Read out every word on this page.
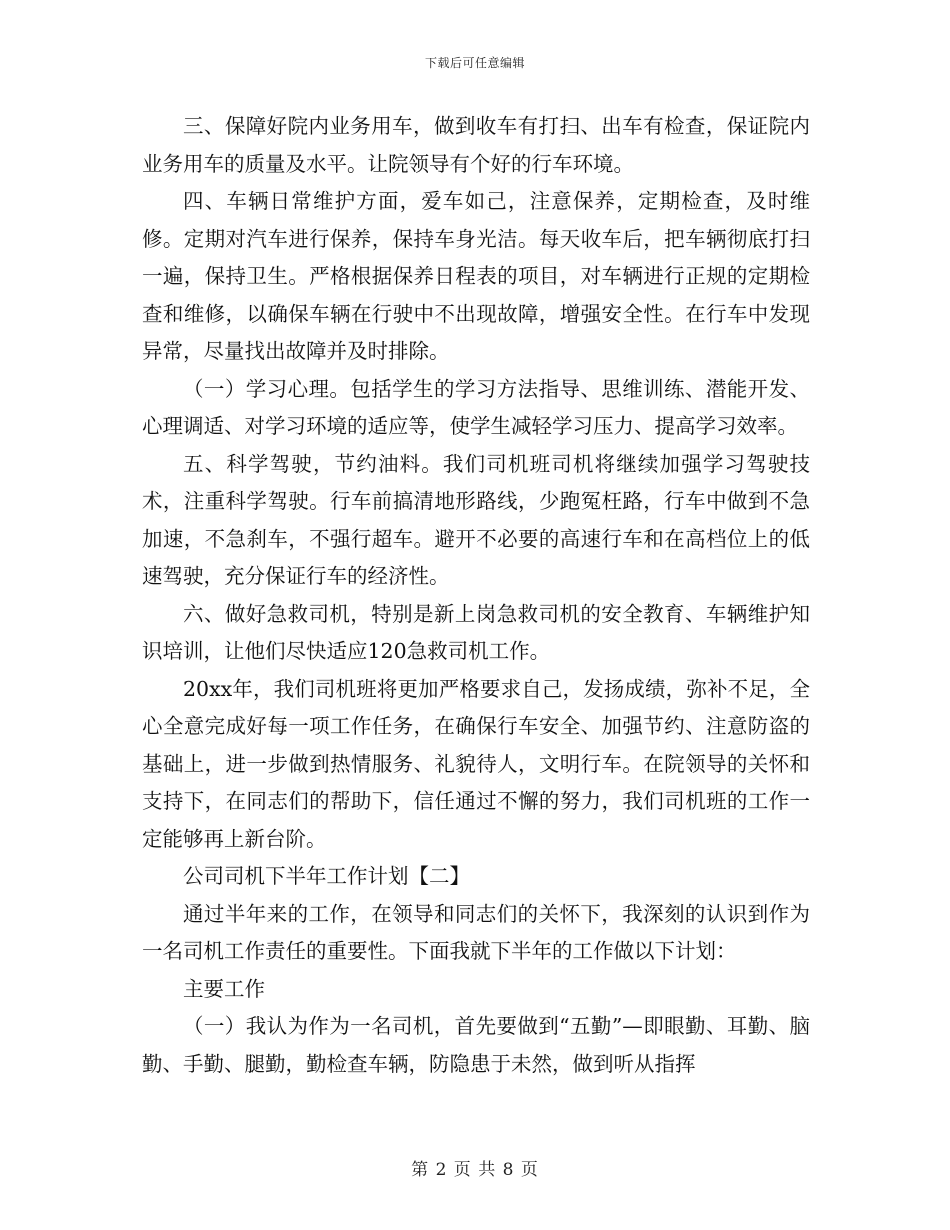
下载后可任意编辑

三、保障好院内业务用车，做到收车有打扫、出车有检查，保证院内业务用车的质量及水平。让院领导有个好的行车环境。

四、车辆日常维护方面，爱车如己，注意保养，定期检查，及时维修。定期对汽车进行保养，保持车身光洁。每天收车后，把车辆彻底打扫一遍，保持卫生。严格根据保养日程表的项目，对车辆进行正规的定期检查和维修，以确保车辆在行驶中不出现故障，增强安全性。在行车中发现异常，尽量找出故障并及时排除。

（一）学习心理。包括学生的学习方法指导、思维训练、潜能开发、心理调适、对学习环境的适应等，使学生减轻学习压力、提高学习效率。

五、科学驾驶，节约油料。我们司机班司机将继续加强学习驾驶技术，注重科学驾驶。行车前搞清地形路线，少跑冤枉路，行车中做到不急加速，不急刹车，不强行超车。避开不必要的高速行车和在高档位上的低速驾驶，充分保证行车的经济性。

六、做好急救司机，特别是新上岗急救司机的安全教育、车辆维护知识培训，让他们尽快适应120急救司机工作。

20xx年，我们司机班将更加严格要求自己，发扬成绩，弥补不足，全心全意完成好每一项工作任务，在确保行车安全、加强节约、注意防盗的基础上，进一步做到热情服务、礼貌待人，文明行车。在院领导的关怀和支持下，在同志们的帮助下，信任通过不懈的努力，我们司机班的工作一定能够再上新台阶。

公司司机下半年工作计划【二】

通过半年来的工作，在领导和同志们的关怀下，我深刻的认识到作为一名司机工作责任的重要性。下面我就下半年的工作做以下计划：

主要工作

（一）我认为作为一名司机，首先要做到“五勤”—即眼勤、耳勤、脑勤、手勤、腿勤，勤检查车辆，防隐患于未然，做到听从指挥

第 2 页 共 8 页
